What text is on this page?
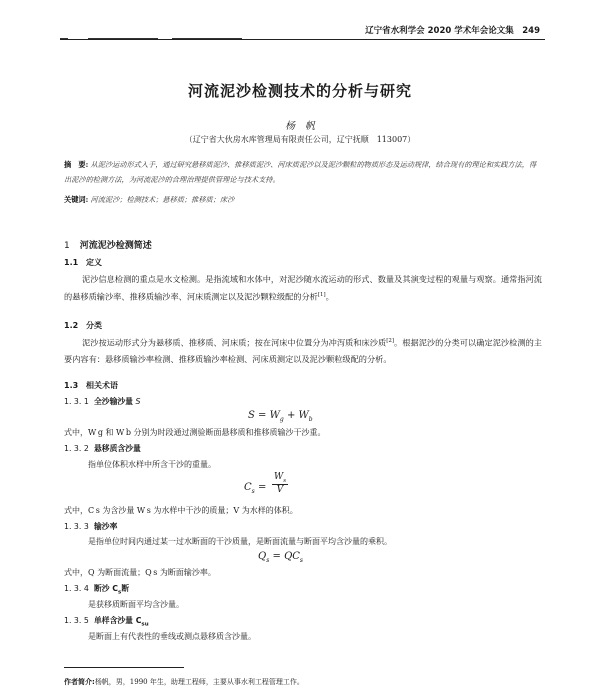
辽宁省水利学会 2020 学术年会论文集　249
河流泥沙检测技术的分析与研究
杨　帆
（辽宁省大伙房水库管理局有限责任公司，辽宁抚顺　113007）
摘　要: 从泥沙运动形式入手，通过研究悬移质泥沙、推移质泥沙、河床质泥沙以及泥沙颗粒的物质形态及运动规律，结合现有的理论和实践方法，得出泥沙的检测方法，为河流泥沙的合理治理提供管理论与技术支持。
关键词: 河流泥沙；检测技术；悬移质；推移质；床沙
1 河流泥沙检测简述
1.1 定义
泥沙信息检测的重点是水文检测。是指流域和水体中，对泥沙随水流运动的形式、数量及其演变过程的观量与观察。通常指河流的悬移质输沙率、推移质输沙率、河床质测定以及泥沙颗粒级配的分析[1]。
1.2 分类
泥沙按运动形式分为悬移质、推移质、河床质；按在河床中位置分为冲泻质和床沙质[2]。根据泥沙的分类可以确定泥沙检测的主要内容有：悬移质输沙率检测、推移质输沙率检测、河床质测定以及泥沙颗粒级配的分析。
1.3 相关术语
1. 3. 1 全沙输沙量 S
$S = W_g + W_b$
式中，W g 和 W b 分别为时段通过测验断面悬移质和推移质输沙干沙重。
1. 3. 2 悬移质含沙量
指单位体积水样中所含干沙的重量。
$C_s = \frac{W_s}{V}$
式中，C s 为含沙量 W s 为水样中干沙的质量；V 为水样的体积。
1. 3. 3 输沙率
是指单位时间内通过某一过水断面的干沙质量，是断面流量与断面平均含沙量的乘积。
$Q_s = QC_s$
式中，Q 为断面流量；Q s 为断面输沙率。
1. 3. 4 断沙 $C_s$断
是获移质断面平均含沙量。
1. 3. 5 单样含沙量 $C_{su}$
是断面上有代表性的垂线或测点悬移质含沙量。
作者简介:杨帆，男，1990 年生，助理工程师，主要从事水利工程管理工作。
